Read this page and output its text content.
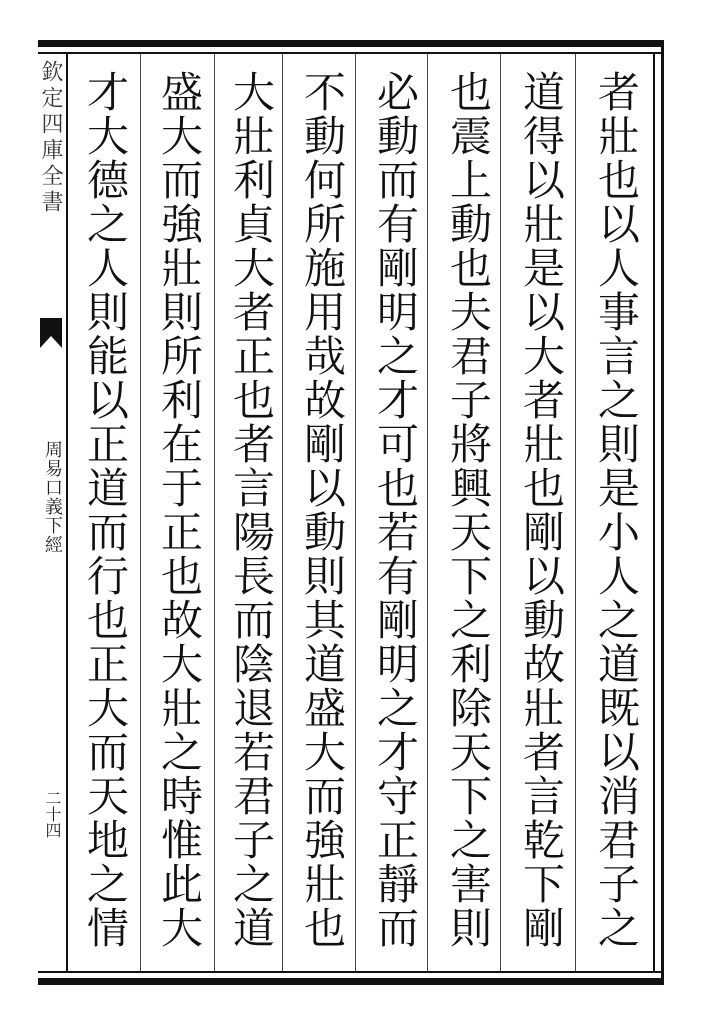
欽定四庫全書
周易口義下經
二十四	者壯也以人事言之則是小人之道既以消君子之
道得以壯是以大者壯也剛以動故壯者言乾下剛
也震上動也夫君子將興天下之利除天下之害則
必動而有剛明之才可也若有剛明之才守正靜而
不動何所施用哉故剛以動則其道盛大而強壯也
大壯利貞大者正也者言陽長而陰退若君子之道
盛大而強壯則所利在于正也故大壯之時惟此大
才大德之人則能以正道而行也正大而天地之情
